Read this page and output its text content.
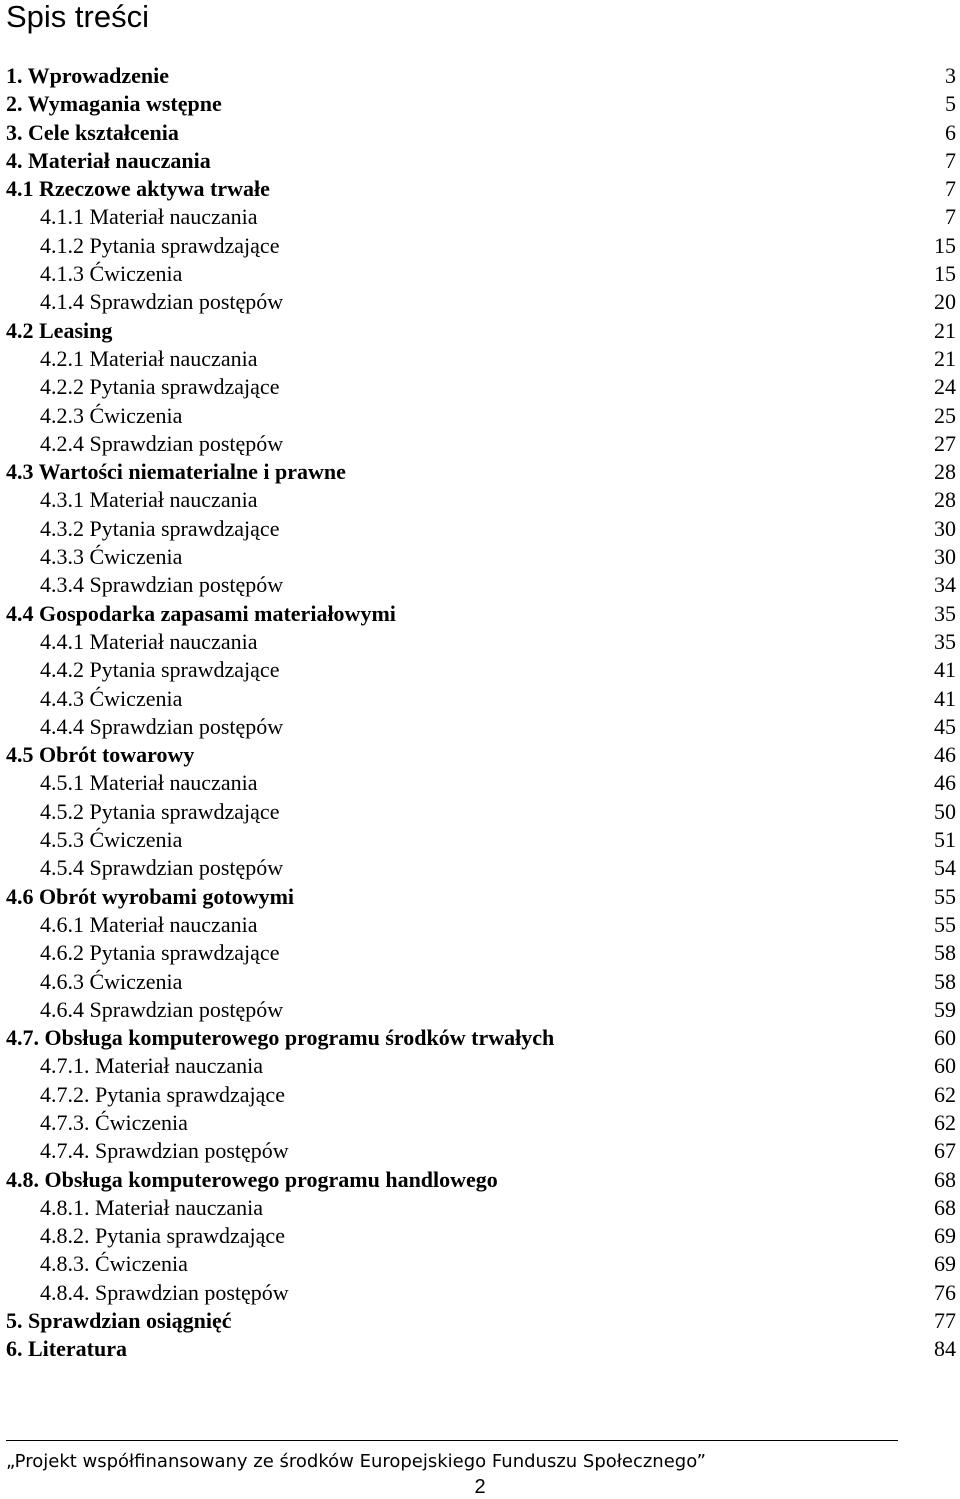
Spis treści
1. Wprowadzenie	3
2. Wymagania wstępne	5
3. Cele kształcenia	6
4. Materiał nauczania	7
4.1 Rzeczowe aktywa trwałe	7
4.1.1 Materiał nauczania	7
4.1.2 Pytania sprawdzające	15
4.1.3 Ćwiczenia	15
4.1.4 Sprawdzian postępów	20
4.2 Leasing	21
4.2.1 Materiał nauczania	21
4.2.2 Pytania sprawdzające	24
4.2.3 Ćwiczenia	25
4.2.4 Sprawdzian postępów	27
4.3 Wartości niematerialne i prawne	28
4.3.1 Materiał nauczania	28
4.3.2 Pytania sprawdzające	30
4.3.3 Ćwiczenia	30
4.3.4 Sprawdzian postępów	34
4.4 Gospodarka zapasami materiałowymi	35
4.4.1 Materiał nauczania	35
4.4.2 Pytania sprawdzające	41
4.4.3 Ćwiczenia	41
4.4.4 Sprawdzian postępów	45
4.5 Obrót towarowy	46
4.5.1 Materiał nauczania	46
4.5.2 Pytania sprawdzające	50
4.5.3 Ćwiczenia	51
4.5.4 Sprawdzian postępów	54
4.6 Obrót wyrobami gotowymi	55
4.6.1 Materiał nauczania	55
4.6.2 Pytania sprawdzające	58
4.6.3 Ćwiczenia	58
4.6.4 Sprawdzian postępów	59
4.7. Obsługa komputerowego programu środków trwałych	60
4.7.1. Materiał nauczania	60
4.7.2. Pytania sprawdzające	62
4.7.3. Ćwiczenia	62
4.7.4. Sprawdzian postępów	67
4.8. Obsługa komputerowego programu handlowego	68
4.8.1. Materiał nauczania	68
4.8.2. Pytania sprawdzające	69
4.8.3. Ćwiczenia	69
4.8.4. Sprawdzian postępów	76
5. Sprawdzian osiągnięć	77
6. Literatura	84
„Projekt współfinansowany ze środków Europejskiego Funduszu Społecznego”
2
